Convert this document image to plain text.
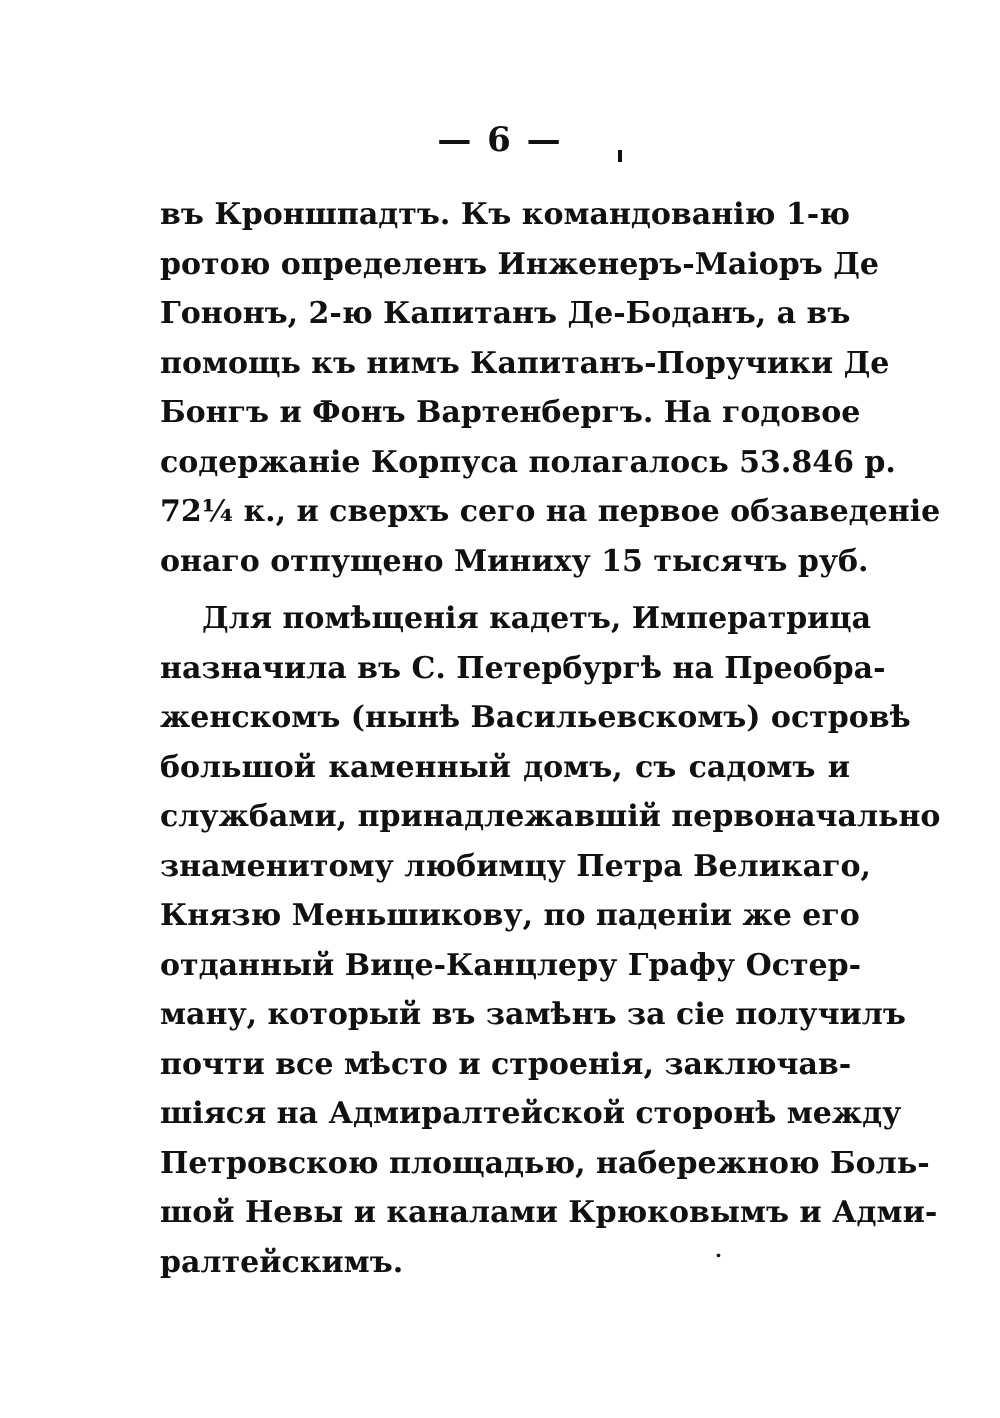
— 6 —
въ Кроншпадтъ. Къ командованію 1-ю
ротою определенъ Инженеръ-Маіоръ Де
Гононъ, 2-ю Капитанъ Де-Боданъ, а въ
помощь къ нимъ Капитанъ-Поручики Де
Бонгъ и Фонъ Вартенбергъ. На годовое
содержаніе Корпуса полагалось 53.846 р.
72¼ к., и сверхъ сего на первое обзаведеніе
онаго отпущено Миниху 15 тысячъ руб.
Для помѣщенія кадетъ, Императрица
назначила въ С. Петербургѣ на Преобра-
женскомъ (нынѣ Васильевскомъ) островѣ
большой каменный домъ, съ садомъ и
службами, принадлежавшій первоначально
знаменитому любимцу Петра Великаго,
Князю Меньшикову, по паденіи же его
отданный Вице-Канцлеру Графу Остер-
ману, который въ замѣнъ за сіе получилъ
почти все мѣсто и строенія, заключав-
шіяся на Адмиралтейской сторонѣ между
Петровскою площадью, набережною Боль-
шой Невы и каналами Крюковымъ и Адми-
ралтейскимъ.	.
